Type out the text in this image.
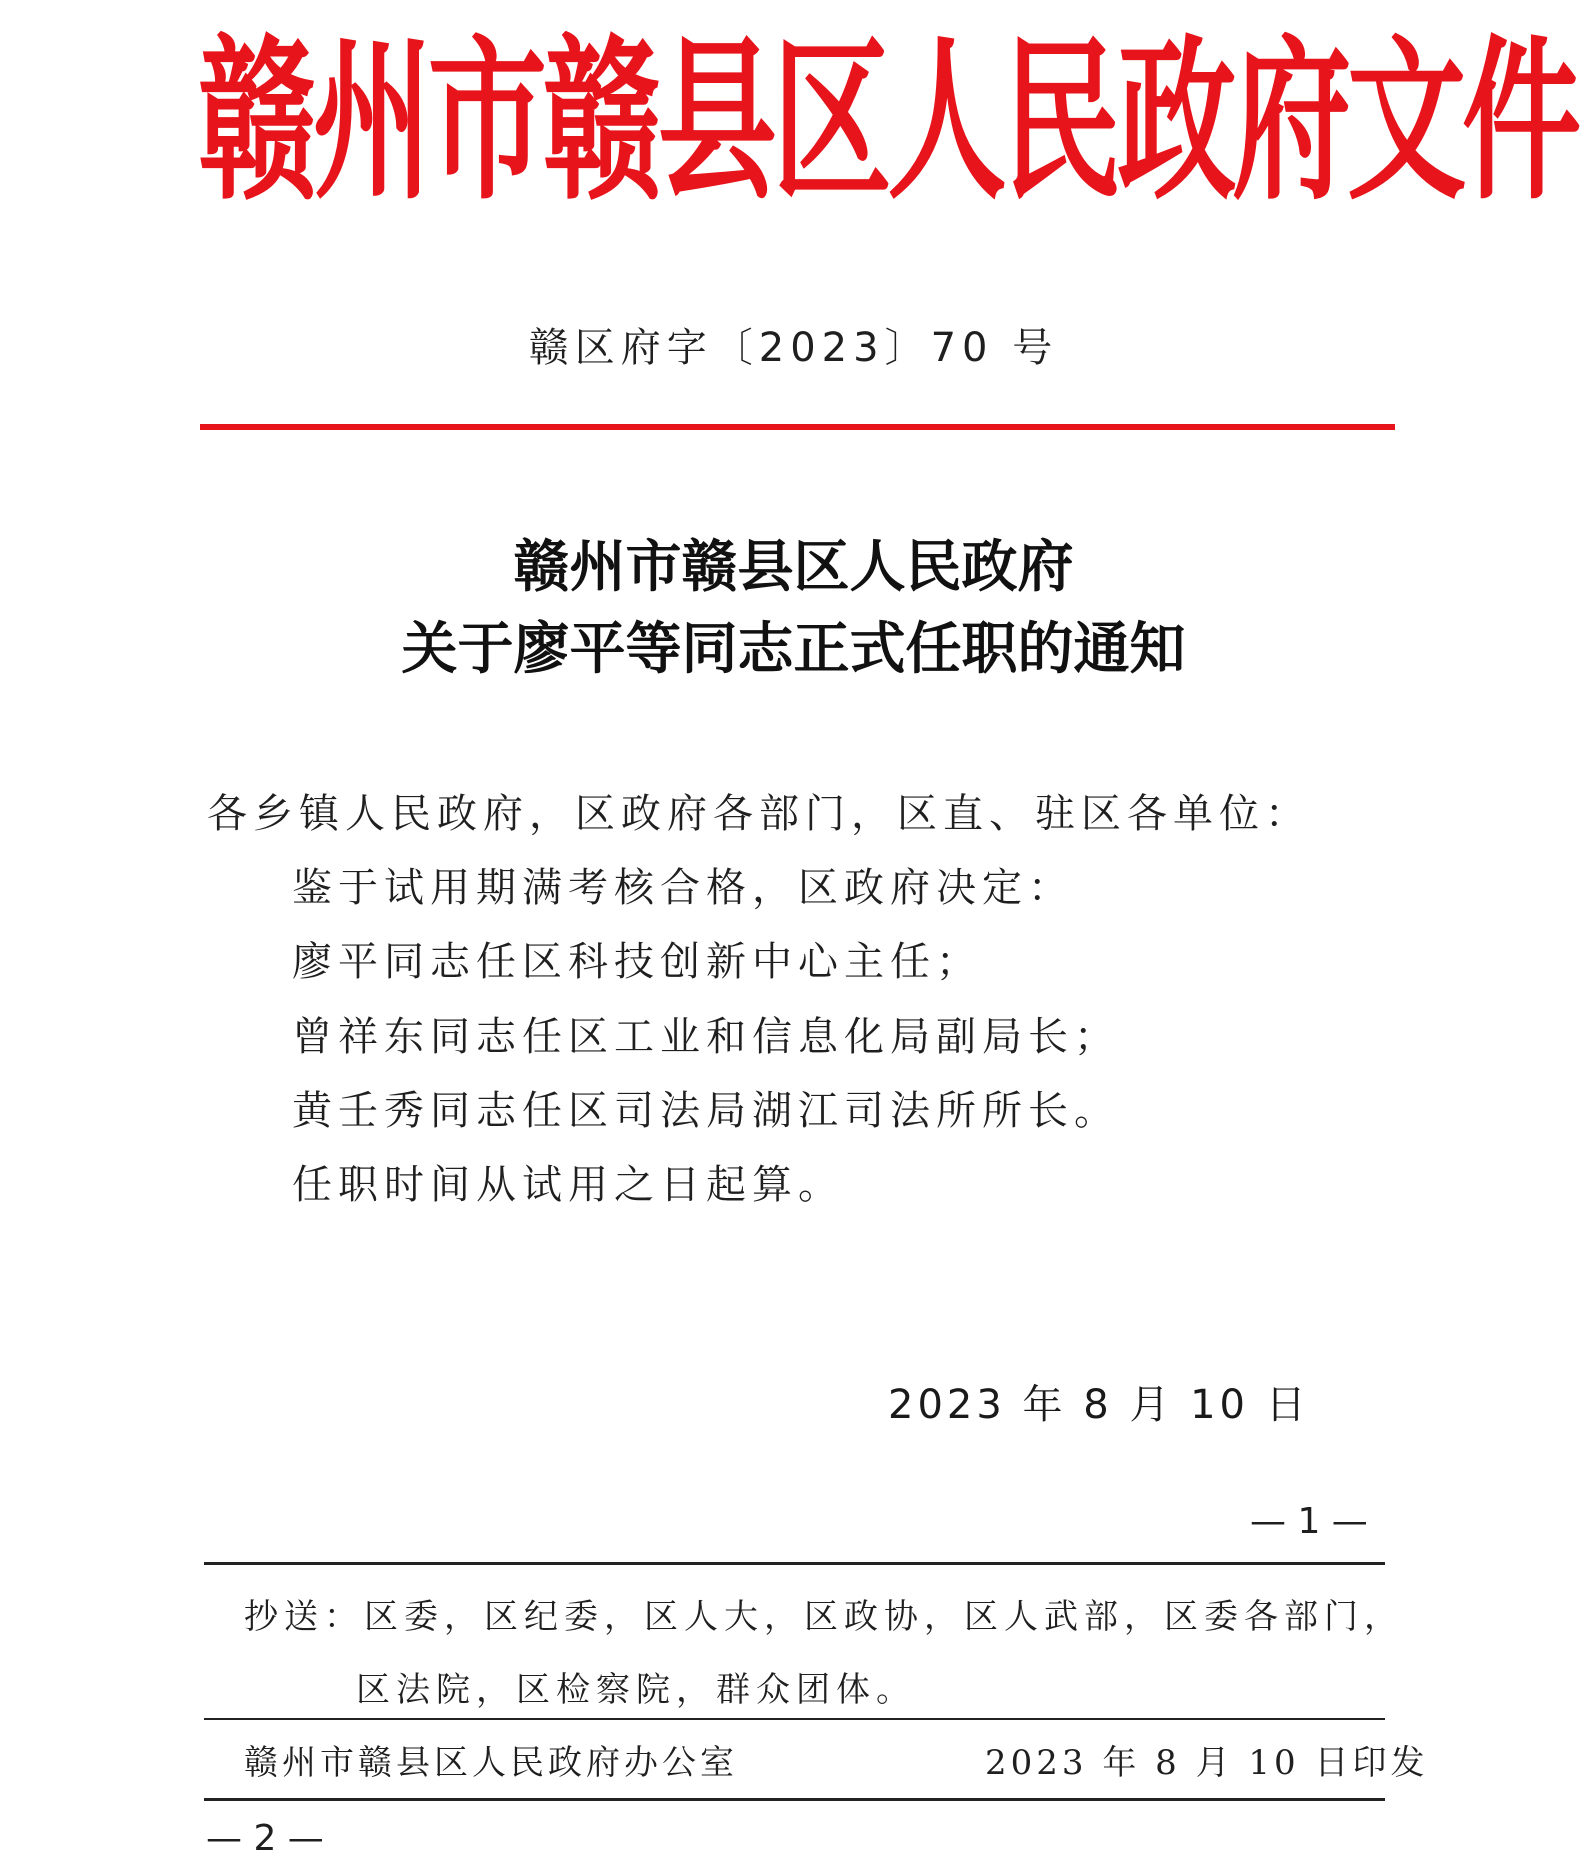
赣州市赣县区人民政府文件
赣区府字〔2023〕70 号
赣州市赣县区人民政府
关于廖平等同志正式任职的通知
各乡镇人民政府，区政府各部门，区直、驻区各单位：
鉴于试用期满考核合格，区政府决定：
廖平同志任区科技创新中心主任；
曾祥东同志任区工业和信息化局副局长；
黄壬秀同志任区司法局湖江司法所所长。
任职时间从试用之日起算。
2023 年 8 月 10 日
— 1 —
抄送：区委，区纪委，区人大，区政协，区人武部，区委各部门，
区法院，区检察院，群众团体。
赣州市赣县区人民政府办公室	2023 年 8 月 10 日印发
— 2 —
